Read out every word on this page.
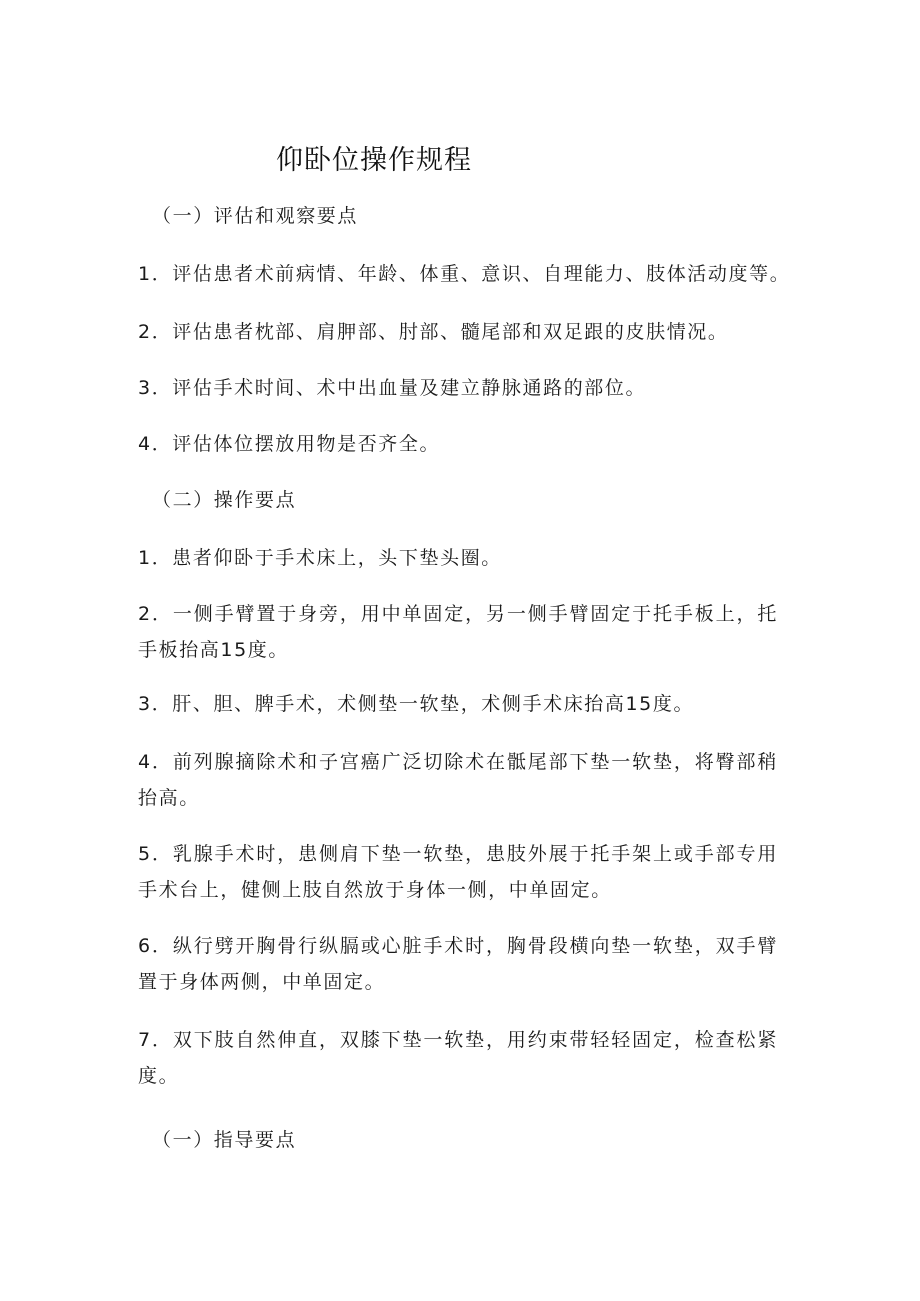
仰卧位操作规程
（一）评估和观察要点
1．评估患者术前病情、年龄、体重、意识、自理能力、肢体活动度等。
2．评估患者枕部、肩胛部、肘部、髓尾部和双足跟的皮肤情况。
3．评估手术时间、术中出血量及建立静脉通路的部位。
4．评估体位摆放用物是否齐全。
（二）操作要点
1．患者仰卧于手术床上，头下垫头圈。
2．一侧手臂置于身旁，用中单固定，另一侧手臂固定于托手板上，托手板抬高15度。
3．肝、胆、脾手术，术侧垫一软垫，术侧手术床抬高15度。
4．前列腺摘除术和子宫癌广泛切除术在骶尾部下垫一软垫，将臀部稍抬高。
5．乳腺手术时，患侧肩下垫一软垫，患肢外展于托手架上或手部专用手术台上，健侧上肢自然放于身体一侧，中单固定。
6．纵行劈开胸骨行纵膈或心脏手术时，胸骨段横向垫一软垫，双手臂置于身体两侧，中单固定。
7．双下肢自然伸直，双膝下垫一软垫，用约束带轻轻固定，检查松紧度。
（一）指导要点
